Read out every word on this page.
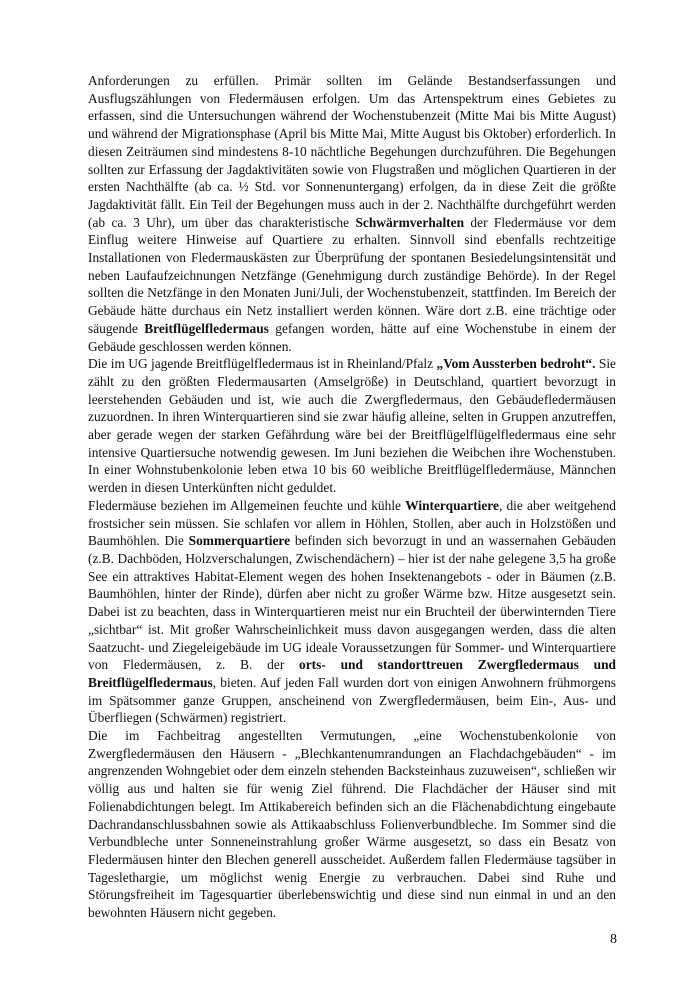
Anforderungen zu erfüllen. Primär sollten im Gelände Bestandserfassungen und Ausflugszählungen von Fledermäusen erfolgen. Um das Artenspektrum eines Gebietes zu erfassen, sind die Untersuchungen während der Wochenstubenzeit (Mitte Mai bis Mitte August) und während der Migrationsphase (April bis Mitte Mai, Mitte August bis Oktober) erforderlich. In diesen Zeiträumen sind mindestens 8-10 nächtliche Begehungen durchzuführen. Die Begehungen sollten zur Erfassung der Jagdaktivitäten sowie von Flugstraßen und möglichen Quartieren in der ersten Nachthälfte (ab ca. ½ Std. vor Sonnenuntergang) erfolgen, da in diese Zeit die größte Jagdaktivität fällt. Ein Teil der Begehungen muss auch in der 2. Nachthälfte durchgeführt werden (ab ca. 3 Uhr), um über das charakteristische Schwärmverhalten der Fledermäuse vor dem Einflug weitere Hinweise auf Quartiere zu erhalten. Sinnvoll sind ebenfalls rechtzeitige Installationen von Fledermauskästen zur Überprüfung der spontanen Besiedelungsintensität und neben Laufaufzeichnungen Netzfänge (Genehmigung durch zuständige Behörde). In der Regel sollten die Netzfänge in den Monaten Juni/Juli, der Wochenstubenzeit, stattfinden. Im Bereich der Gebäude hätte durchaus ein Netz installiert werden können. Wäre dort z.B. eine trächtige oder säugende Breitflügelfledermaus gefangen worden, hätte auf eine Wochenstube in einem der Gebäude geschlossen werden können.

Die im UG jagende Breitflügelfledermaus ist in Rheinland/Pfalz „Vom Aussterben bedroht“. Sie zählt zu den größten Fledermausarten (Amselgröße) in Deutschland, quartiert bevorzugt in leerstehenden Gebäuden und ist, wie auch die Zwergfledermaus, den Gebäudefledermäusen zuzuordnen. In ihren Winterquartieren sind sie zwar häufig alleine, selten in Gruppen anzutreffen, aber gerade wegen der starken Gefährdung wäre bei der Breitflügelflügelfledermaus eine sehr intensive Quartiersuche notwendig gewesen. Im Juni beziehen die Weibchen ihre Wochenstuben. In einer Wohnstubenkolonie leben etwa 10 bis 60 weibliche Breitflügelfledermäuse, Männchen werden in diesen Unterkünften nicht geduldet.

Fledermäuse beziehen im Allgemeinen feuchte und kühle Winterquartiere, die aber weitgehend frostsicher sein müssen. Sie schlafen vor allem in Höhlen, Stollen, aber auch in Holzstößen und Baumhöhlen. Die Sommerquartiere befinden sich bevorzugt in und an wassernahen Gebäuden (z.B. Dachböden, Holzverschalungen, Zwischendächern) – hier ist der nahe gelegene 3,5 ha große See ein attraktives Habitat-Element wegen des hohen Insektenangebots - oder in Bäumen (z.B. Baumhöhlen, hinter der Rinde), dürfen aber nicht zu großer Wärme bzw. Hitze ausgesetzt sein. Dabei ist zu beachten, dass in Winterquartieren meist nur ein Bruchteil der überwinternden Tiere „sichtbar“ ist. Mit großer Wahrscheinlichkeit muss davon ausgegangen werden, dass die alten Saatzucht- und Ziegeleigebäude im UG ideale Voraussetzungen für Sommer- und Winterquartiere von Fledermäusen, z. B. der orts- und standorttreuen Zwergfledermaus und Breitflügelfledermaus, bieten. Auf jeden Fall wurden dort von einigen Anwohnern frühmorgens im Spätsommer ganze Gruppen, anscheinend von Zwergfledermäusen, beim Ein-, Aus- und Überfliegen (Schwärmen) registriert.

Die im Fachbeitrag angestellten Vermutungen, „eine Wochenstubenkolonie von Zwergfledermäusen den Häusern - „Blechkantenumrandungen an Flachdachgebäuden“ - im angrenzenden Wohngebiet oder dem einzeln stehenden Backsteinhaus zuzuweisen“, schließen wir völlig aus und halten sie für wenig Ziel führend. Die Flachdächer der Häuser sind mit Folienabdichtungen belegt. Im Attikabereich befinden sich an die Flächenabdichtung eingebaute Dachrandanschlussbahnen sowie als Attikaabschluss Folienverbundbleche. Im Sommer sind die Verbundbleche unter Sonneneinstrahlung großer Wärme ausgesetzt, so dass ein Besatz von Fledermäusen hinter den Blechen generell ausscheidet. Außerdem fallen Fledermäuse tagsüber in Tageslethargie, um möglichst wenig Energie zu verbrauchen. Dabei sind Ruhe und Störungsfreiheit im Tagesquartier überlebenswichtig und diese sind nun einmal in und an den bewohnten Häusern nicht gegeben.

8
